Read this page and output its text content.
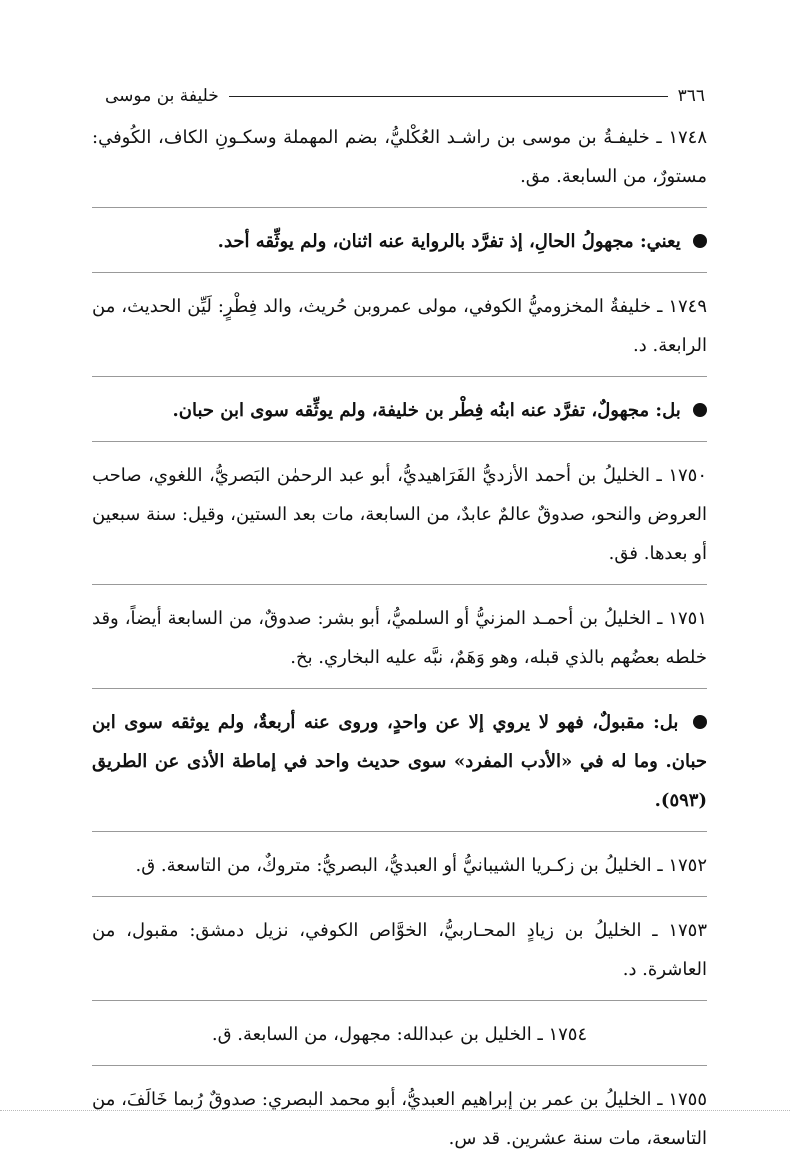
٣٦٦
خليفة بن موسى

١٧٤٨ ـ خليفـةُ بن موسى بن راشـد العُكْليُّ، بضم المهملة وسكـونِ الكاف، الكُوفي: مستورٌ، من السابعة. مق.

يعني: مجهولُ الحالِ، إذ تفرَّد بالرواية عنه اثنان، ولم يوثِّقه أحد.

١٧٤٩ ـ خليفةُ المخزوميُّ الكوفي، مولى عمروبن حُريث، والد فِطْرٍ: لَيِّن الحديث، من الرابعة. د.

بل: مجهولٌ، تفرَّد عنه ابنُه فِطْر بن خليفة، ولم يوثِّقه سوى ابن حبان.

١٧٥٠ ـ الخليلُ بن أحمد الأزديُّ الفَرَاهيديُّ، أبو عبد الرحمٰن البَصريُّ، اللغوي، صاحب العروض والنحو، صدوقٌ عالمٌ عابدٌ، من السابعة، مات بعد الستين، وقيل: سنة سبعين أو بعدها. فق.

١٧٥١ ـ الخليلُ بن أحمـد المزنيُّ أو السلميُّ، أبو بشر: صدوقٌ، من السابعة أيضاً، وقد خلطه بعضُهم بالذي قبله، وهو وَهَمٌ، نبَّه عليه البخاري. بخ.

بل: مقبولٌ، فهو لا يروي إلا عن واحدٍ، وروى عنه أربعةٌ، ولم يوثقه سوى ابن حبان. وما له في «الأدب المفرد» سوى حديث واحد في إماطة الأذى عن الطريق (٥٩٣).

١٧٥٢ ـ الخليلُ بن زكـريا الشيبانيُّ أو العبديُّ، البصريُّ: متروكٌ، من التاسعة. ق.

١٧٥٣ ـ الخليلُ بن زيادٍ المحـاربيُّ، الخوَّاص الكوفي، نزيل دمشق: مقبول، من العاشرة. د.

١٧٥٤ ـ الخليل بن عبدالله: مجهول، من السابعة. ق.

١٧٥٥ ـ الخليلُ بن عمر بن إبراهيم العبديُّ، أبو محمد البصري: صدوقٌ رُبما خَالَفَ، من التاسعة، مات سنة عشرين. قد س.
